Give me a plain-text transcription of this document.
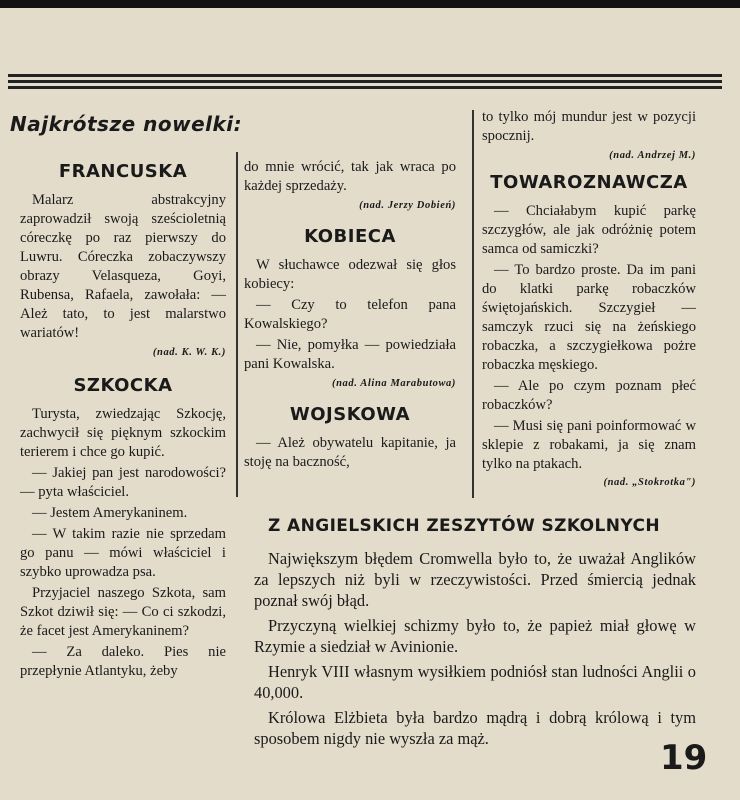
Najkrótsze nowelki:
FRANCUSKA

Malarz abstrakcyjny zaprowadził swoją sześcioletnią córeczkę po raz pierwszy do Luwru. Córeczka zobaczywszy obrazy Velasqueza, Goyi, Rubensa, Rafaela, zawołała: — Ależ tato, to jest malarstwo wariatów!

(nad. K. W. K.)

SZKOCKA

Turysta, zwiedzając Szkocję, zachwycił się pięknym szkockim terierem i chce go kupić.

— Jakiej pan jest narodowości? — pyta właściciel.

— Jestem Amerykaninem.

— W takim razie nie sprzedam go panu — mówi właściciel i szybko uprowadza psa.

Przyjaciel naszego Szkota, sam Szkot dziwił się: — Co ci szkodzi, że facet jest Amerykaninem?

— Za daleko. Pies nie przepłynie Atlantyku, żeby

do mnie wrócić, tak jak wraca po każdej sprzedaży.

(nad. Jerzy Dobień)

KOBIECA

W słuchawce odezwał się głos kobiecy:

— Czy to telefon pana Kowalskiego?

— Nie, pomyłka — powiedziała pani Kowalska.

(nad. Alina Marabutowa)

WOJSKOWA

— Ależ obywatelu kapitanie, ja stoję na baczność,

to tylko mój mundur jest w pozycji spocznij.

(nad. Andrzej M.)

TOWAROZNAWCZA

— Chciałabym kupić parkę szczygłów, ale jak odróżnię potem samca od samiczki?

— To bardzo proste. Da im pani do klatki parkę robaczków świętojańskich. Szczygieł — samczyk rzuci się na żeńskiego robaczka, a szczygiełkowa pożre robaczka męskiego.

— Ale po czym poznam płeć robaczków?

— Musi się pani poinformować w sklepie z robakami, ja się znam tylko na ptakach.

(nad. „Stokrotka")

Z ANGIELSKICH ZESZYTÓW SZKOLNYCH

Największym błędem Cromwella było to, że uważał Anglików za lepszych niż byli w rzeczywistości. Przed śmiercią jednak poznał swój błąd.

Przyczyną wielkiej schizmy było to, że papież miał głowę w Rzymie a siedział w Avinionie.

Henryk VIII własnym wysiłkiem podniósł stan ludności Anglii o 40,000.

Królowa Elżbieta była bardzo mądrą i dobrą królową i tym sposobem nigdy nie wyszła za mąż.	19
